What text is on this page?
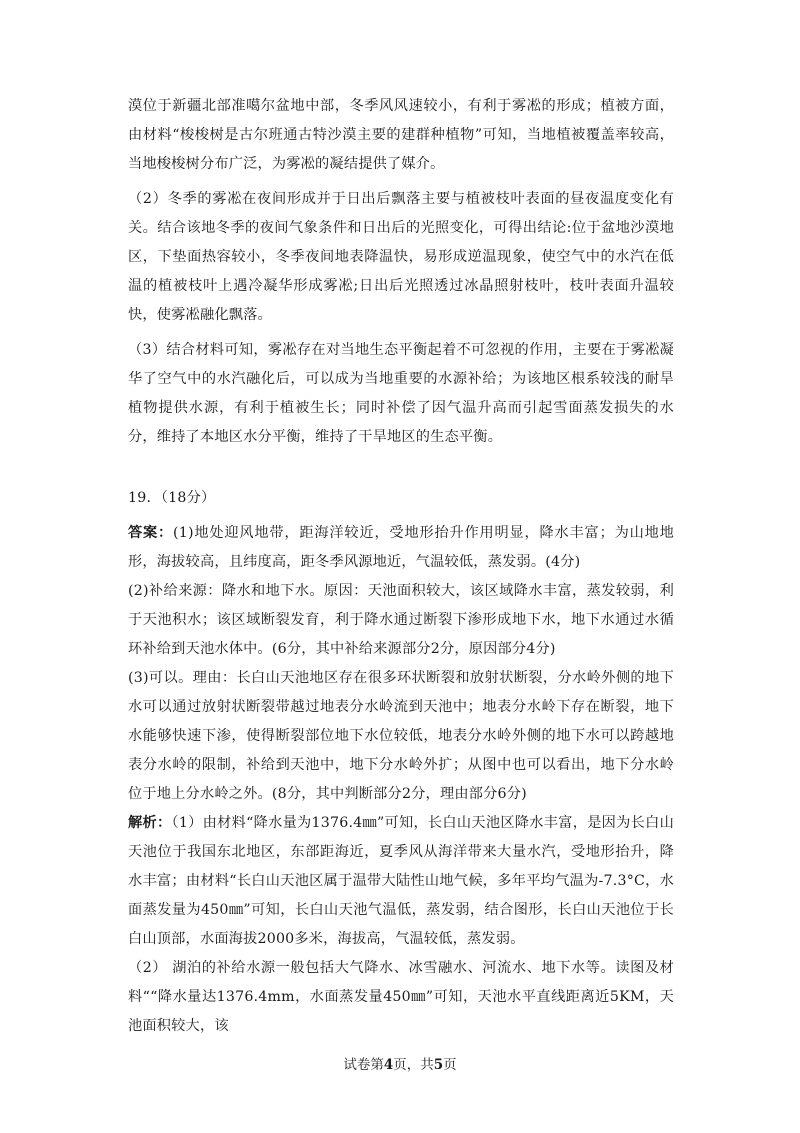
漠位于新疆北部准噶尔盆地中部，冬季风风速较小，有利于雾凇的形成；植被方面，由材料“梭梭树是古尔班通古特沙漠主要的建群种植物”可知，当地植被覆盖率较高，当地梭梭树分布广泛，为雾凇的凝结提供了媒介。

（2）冬季的雾凇在夜间形成并于日出后飘落主要与植被枝叶表面的昼夜温度变化有关。结合该地冬季的夜间气象条件和日出后的光照变化，可得出结论:位于盆地沙漠地区，下垫面热容较小，冬季夜间地表降温快，易形成逆温现象，使空气中的水汽在低温的植被枝叶上遇冷凝华形成雾凇;日出后光照透过冰晶照射枝叶，枝叶表面升温较快，使雾凇融化飘落。

（3）结合材料可知，雾凇存在对当地生态平衡起着不可忽视的作用，主要在于雾凇凝华了空气中的水汽融化后，可以成为当地重要的水源补给；为该地区根系较浅的耐旱植物提供水源，有利于植被生长；同时补偿了因气温升高而引起雪面蒸发损失的水分，维持了本地区水分平衡，维持了干旱地区的生态平衡。

19．（18分）

答案：(1)地处迎风地带，距海洋较近，受地形抬升作用明显，降水丰富；为山地地形，海拔较高，且纬度高，距冬季风源地近，气温较低，蒸发弱。(4分)

(2)补给来源：降水和地下水。原因：天池面积较大，该区域降水丰富，蒸发较弱，利于天池积水；该区域断裂发育，利于降水通过断裂下渗形成地下水，地下水通过水循环补给到天池水体中。(6分，其中补给来源部分2分，原因部分4分)

(3)可以。理由：长白山天池地区存在很多环状断裂和放射状断裂，分水岭外侧的地下水可以通过放射状断裂带越过地表分水岭流到天池中；地表分水岭下存在断裂，地下水能够快速下渗，使得断裂部位地下水位较低，地表分水岭外侧的地下水可以跨越地表分水岭的限制，补给到天池中，地下分水岭外扩；从图中也可以看出，地下分水岭位于地上分水岭之外。(8分，其中判断部分2分，理由部分6分)

解析：（1）由材料“降水量为1376.4㎜”可知，长白山天池区降水丰富，是因为长白山天池位于我国东北地区，东部距海近，夏季风从海洋带来大量水汽，受地形抬升，降水丰富；由材料“长白山天池区属于温带大陆性山地气候，多年平均气温为-7.3°C，水面蒸发量为450㎜”可知，长白山天池气温低，蒸发弱，结合图形，长白山天池位于长白山顶部，水面海拔2000多米，海拔高，气温较低，蒸发弱。

（2） 湖泊的补给水源一般包括大气降水、冰雪融水、河流水、地下水等。读图及材料““降水量达1376.4mm，水面蒸发量450㎜”可知，天池水平直线距离近5KM，天池面积较大，该

试卷第4页，共5页
